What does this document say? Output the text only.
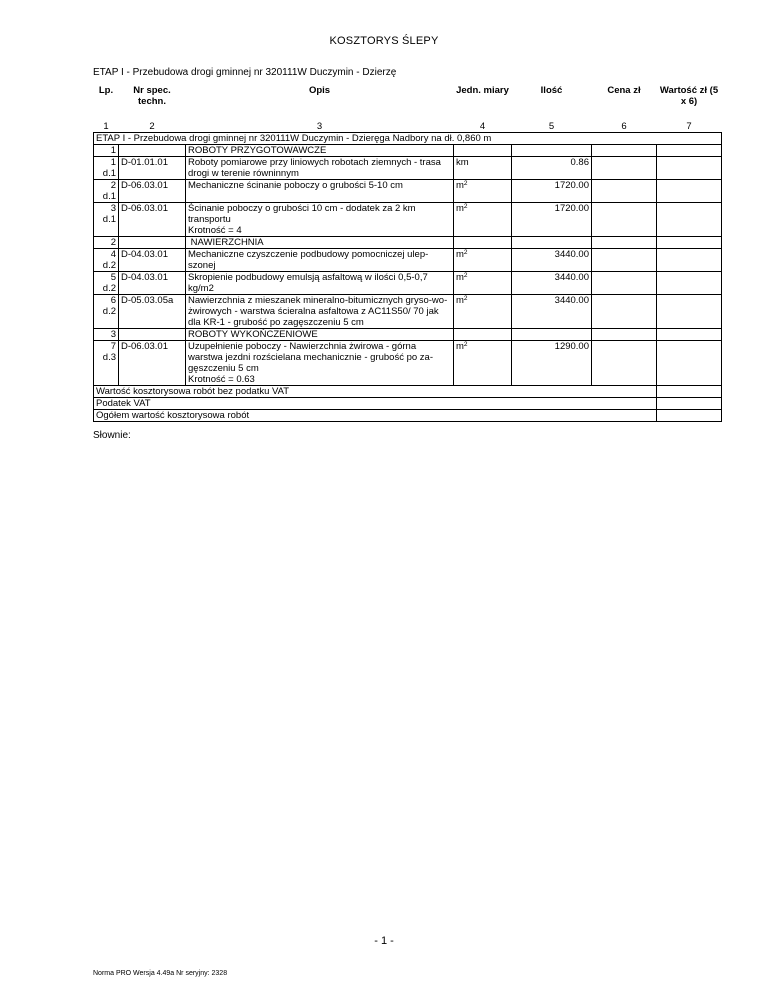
KOSZTORYS ŚLEPY
ETAP I - Przebudowa drogi gminnej nr 320111W Duczymin - Dzierzę
Lp.	Nr spec. techn.	Opis	Jedn. miary	Ilość	Cena zł	Wartość zł (5 x 6)
1	2	3	4	5	6	7
ETAP I - Przebudowa drogi gminnej nr 320111W Duczymin - Dzieręga Nadbory na dł. 0,860 m						
1		ROBOTY PRZYGOTOWAWCZE				
1
d.1	D-01.01.01	Roboty pomiarowe przy liniowych robotach ziemnych - trasa drogi w terenie równinnym	km	0.86		
2
d.1	D-06.03.01	Mechaniczne ścinanie poboczy o grubości 5-10 cm	$m^2$	1720.00		
3
d.1	D-06.03.01	Ścinanie poboczy o grubości 10 cm - dodatek za 2 km transportu
Krotność = 4	$m^2$	1720.00		
2		NAWIERZCHNIA				
4
d.2	D-04.03.01	Mechaniczne czyszczenie podbudowy pomocniczej ulep-szonej	$m^2$	3440.00		
5
d.2	D-04.03.01	Skropienie podbudowy emulsją asfaltową w ilości 0,5-0,7 kg/m2	$m^2$	3440.00		
6
d.2	D-05.03.05a	Nawierzchnia z mieszanek mineralno-bitumicznych gryso-wo-żwirowych - warstwa ścieralna asfaltowa z AC11S50/ 70 jak dla KR-1 - grubość po zagęszczeniu 5 cm	$m^2$	3440.00		
3		ROBOTY WYKOŃCZENIOWE				
7
d.3	D-06.03.01	Uzupełnienie poboczy - Nawierzchnia żwirowa - górna warstwa jezdni rozścielana mechanicznie - grubość po za-gęszczeniu 5 cm
Krotność = 0.63	$m^2$	1290.00		
Wartość kosztorysowa robót bez podatku VAT						
Podatek VAT						
Ogółem wartość kosztorysowa robót						
Słownie:
- 1 -
Norma PRO Wersja 4.49a Nr seryjny: 2328
